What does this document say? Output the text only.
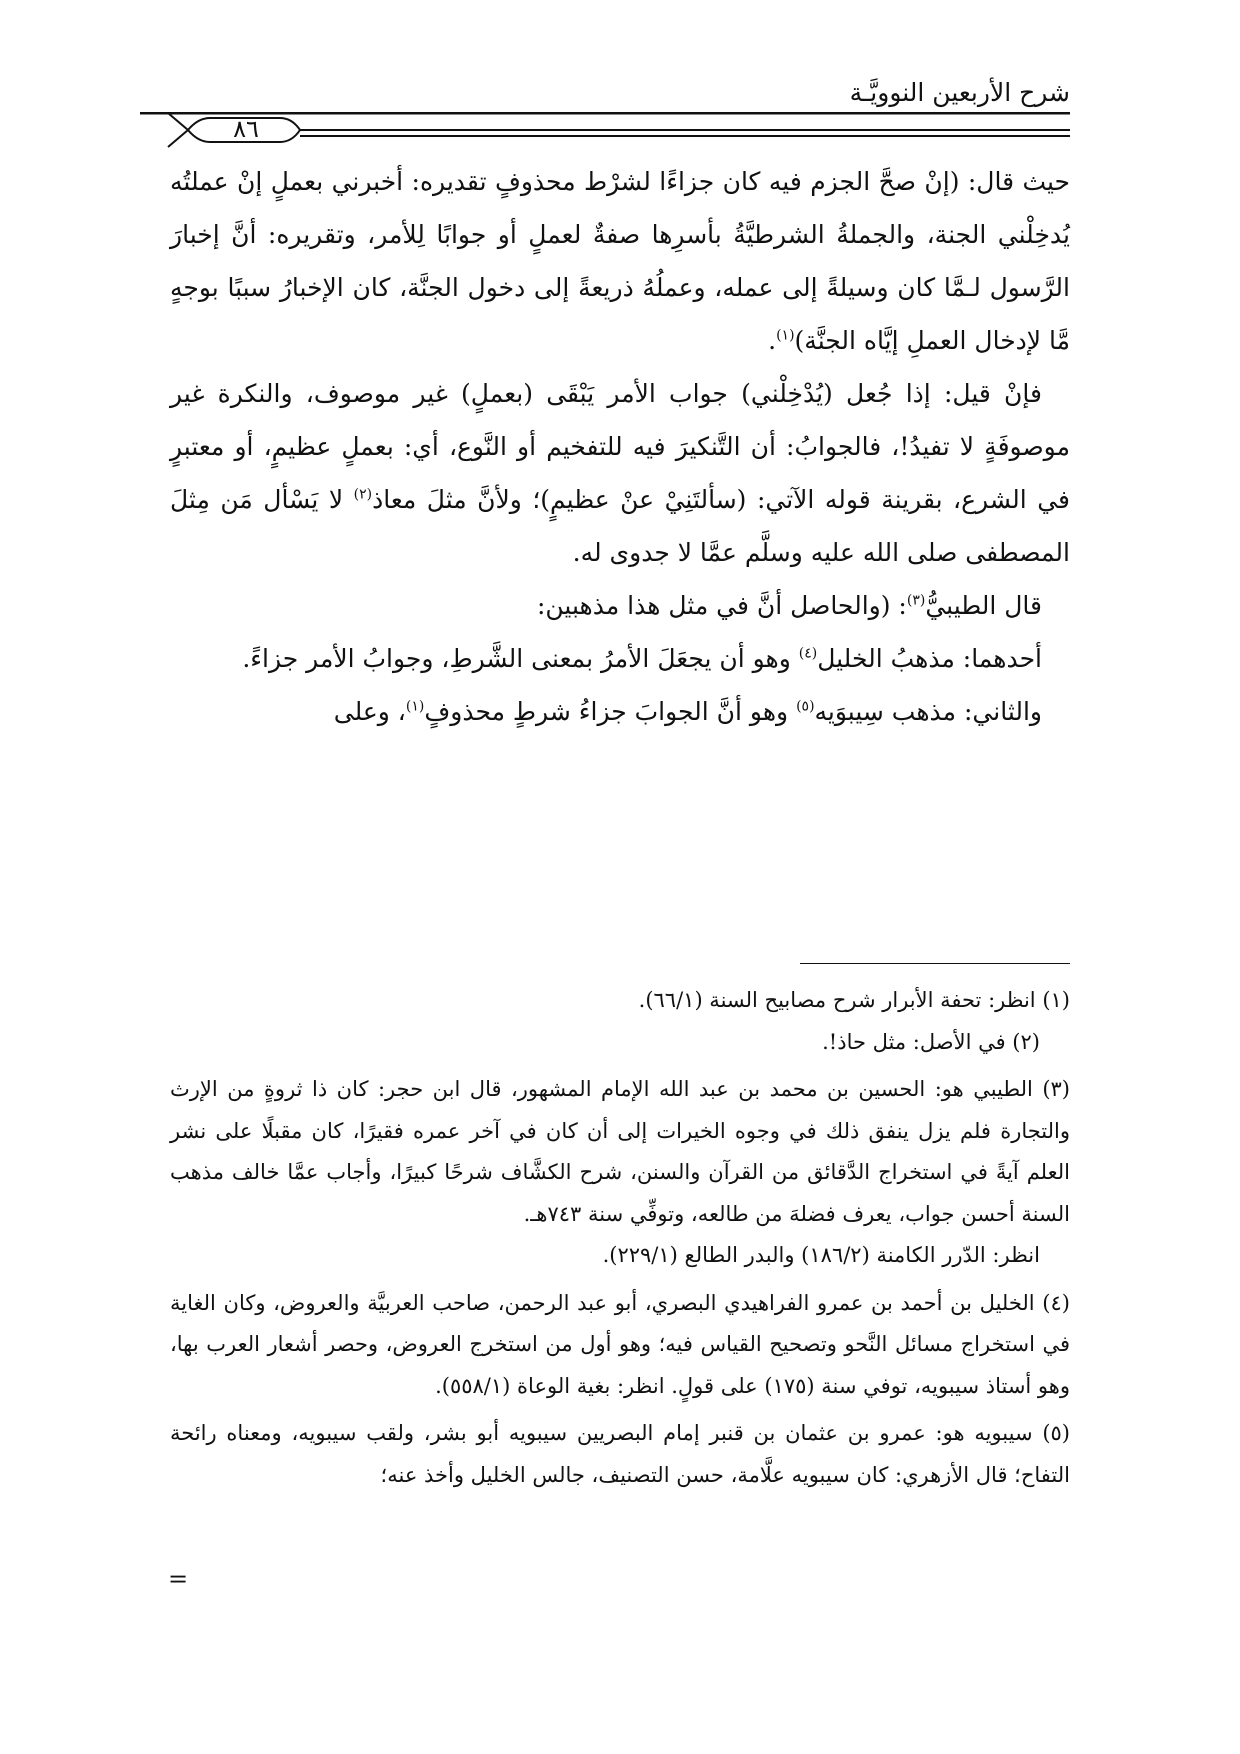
شرح الأربعين النوويَّـة
٨٦

حيث قال: (إنْ صحَّ الجزم فيه كان جزاءًا لشرْط محذوفٍ تقديره: أخبرني بعملٍ إنْ عملتُه يُدخِلْني الجنة، والجملةُ الشرطيَّةُ بأسرِها صفةٌ لعملٍ أو جوابًا لِلأمر، وتقريره: أنَّ إخبارَ الرَّسول لـمَّا كان وسيلةً إلى عمله، وعملُهُ ذريعةً إلى دخول الجنَّة، كان الإخبارُ سببًا بوجهٍ مَّا لإدخال العملِ إيَّاه الجنَّة)$^{(١)}$.

فإنْ قيل: إذا جُعل (يُدْخِلْني) جواب الأمر يَبْقَى (بعملٍ) غير موصوف، والنكرة غير موصوفَةٍ لا تفيدُ!، فالجوابُ: أن التَّنكيرَ فيه للتفخيم أو النَّوع، أي: بعملٍ عظيمٍ، أو معتبرٍ في الشرع، بقرينة قوله الآتي: (سألتَنِيْ عنْ عظيمٍ)؛ ولأنَّ مثلَ معاذ$^{(٢)}$ لا يَسْأل مَن مِثلَ المصطفى صلى الله عليه وسلَّم عمَّا لا جدوى له.

قال الطيبيُّ$^{(٣)}$: (والحاصل أنَّ في مثل هذا مذهبين:

أحدهما: مذهبُ الخليل$^{(٤)}$ وهو أن يجعَلَ الأمرُ بمعنى الشَّرطِ، وجوابُ الأمر جزاءً.

والثاني: مذهب سِيبوَيه$^{(٥)}$ وهو أنَّ الجوابَ جزاءُ شرطٍ محذوفٍ$^{(١)}$، وعلى

(١) انظر: تحفة الأبرار شرح مصابيح السنة (٦٦/١).

(٢) في الأصل: مثل حاذ!.

(٣) الطيبي هو: الحسين بن محمد بن عبد الله الإمام المشهور، قال ابن حجر: كان ذا ثروةٍ من الإرث والتجارة فلم يزل ينفق ذلك في وجوه الخيرات إلى أن كان في آخر عمره فقيرًا، كان مقبلًا على نشر العلم آيةً في استخراج الدَّقائق من القرآن والسنن، شرح الكشَّاف شرحًا كبيرًا، وأجاب عمَّا خالف مذهب السنة أحسن جواب، يعرف فضلهَ من طالعه، وتوفِّي سنة ٧٤٣هـ.

انظر: الدّرر الكامنة (١٨٦/٢) والبدر الطالع (٢٢٩/١).

(٤) الخليل بن أحمد بن عمرو الفراهيدي البصري، أبو عبد الرحمن، صاحب العربيَّة والعروض، وكان الغاية في استخراج مسائل النَّحو وتصحيح القياس فيه؛ وهو أول من استخرج العروض، وحصر أشعار العرب بها، وهو أستاذ سيبويه، توفي سنة (١٧٥) على قولٍ. انظر: بغية الوعاة (٥٥٨/١).

(٥) سيبويه هو: عمرو بن عثمان بن قنبر إمام البصريين سيبويه أبو بشر، ولقب سيبويه، ومعناه رائحة التفاح؛ قال الأزهري: كان سيبويه علَّامة، حسن التصنيف، جالس الخليل وأخذ عنه؛

=
